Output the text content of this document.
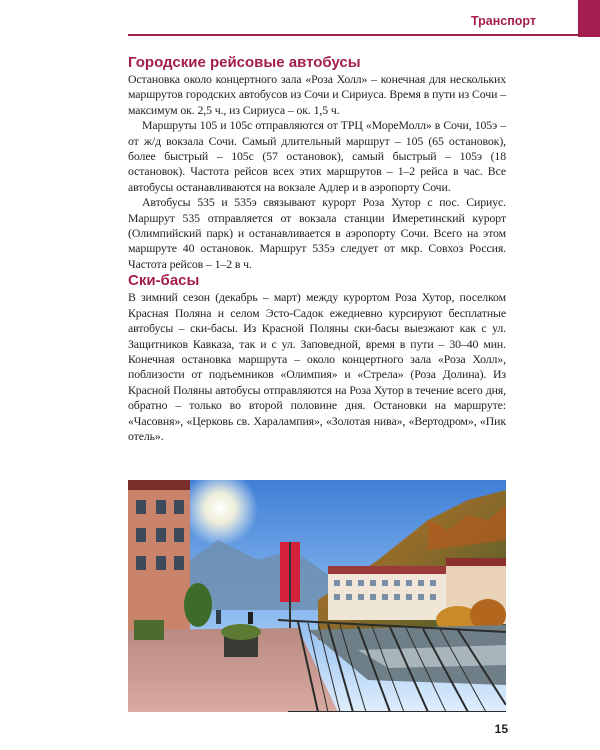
Транспорт
Городские рейсовые автобусы

Остановка около концертного зала «Роза Холл» – конечная для нескольких маршрутов городских автобусов из Сочи и Сириуса. Время в пути из Сочи – максимум ок. 2,5 ч., из Сириуса – ок. 1,5 ч.

Маршруты 105 и 105с отправляются от ТРЦ «МореМолл» в Сочи, 105э – от ж/д вокзала Сочи. Самый длительный маршрут – 105 (65 остановок), более быстрый – 105с (57 остановок), самый быстрый – 105э (18 остановок). Частота рейсов всех этих маршрутов – 1–2 рейса в час. Все автобусы останавливаются на вокзале Адлер и в аэропорту Сочи.

Автобусы 535 и 535э связывают курорт Роза Хутор с пос. Сириус. Маршрут 535 отправляется от вокзала станции Имеретинский курорт (Олимпийский парк) и останавливается в аэропорту Сочи. Всего на этом маршруте 40 остановок. Маршрут 535э следует от мкр. Совхоз Россия. Частота рейсов – 1–2 в ч.

Ски-басы

В зимний сезон (декабрь – март) между курортом Роза Хутор, поселком Красная Поляна и селом Эсто-Садок ежедневно курсируют бесплатные автобусы – ски-басы. Из Красной Поляны ски-басы выезжают как с ул. Защитников Кавказа, так и с ул. Заповедной, время в пути – 30–40 мин. Конечная остановка маршрута – около концертного зала «Роза Холл», поблизости от подъемников «Олимпия» и «Стрела» (Роза Долина). Из Красной Поляны автобусы отправляются на Роза Хутор в течение всего дня, обратно – только во второй половине дня. Остановки на маршруте: «Часовня», «Церковь св. Харалампия», «Золотая нива», «Вертодром», «Пик отель».

15
